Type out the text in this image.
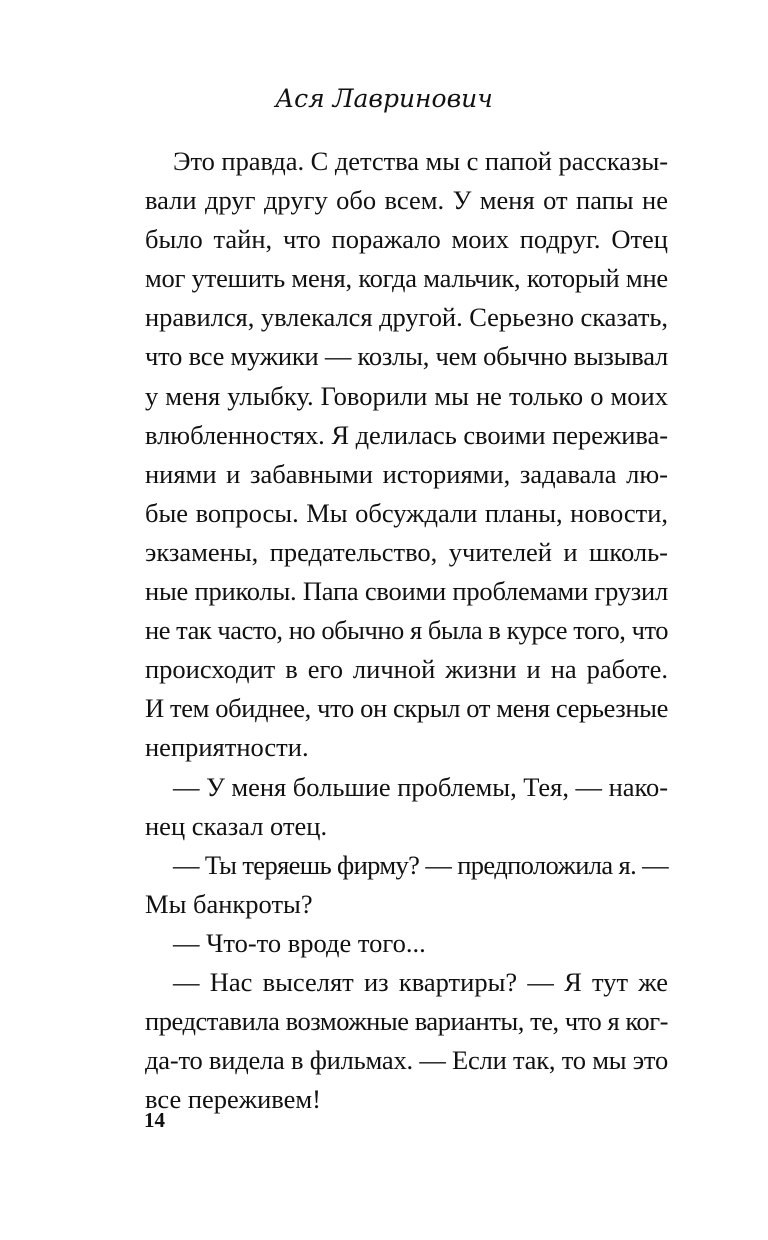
Ася Лавринович
Это правда. С детства мы с папой рассказы-
вали друг другу обо всем. У меня от папы не
было тайн, что поражало моих подруг. Отец
мог утешить меня, когда мальчик, который мне
нравился, увлекался другой. Серьезно сказать,
что все мужики — козлы, чем обычно вызывал
у меня улыбку. Говорили мы не только о моих
влюбленностях. Я делилась своими пережива-
ниями и забавными историями, задавала лю-
бые вопросы. Мы обсуждали планы, новости,
экзамены, предательство, учителей и школь-
ные приколы. Папа своими проблемами грузил
не так часто, но обычно я была в курсе того, что
происходит в его личной жизни и на работе.
И тем обиднее, что он скрыл от меня серьезные
неприятности.
— У меня большие проблемы, Тея, — нако-
нец сказал отец.
— Ты теряешь фирму? — предположила я. —
Мы банкроты?
— Что-то вроде того...
— Нас выселят из квартиры? — Я тут же
представила возможные варианты, те, что я ког-
да-то видела в фильмах. — Если так, то мы это
все переживем!
14
